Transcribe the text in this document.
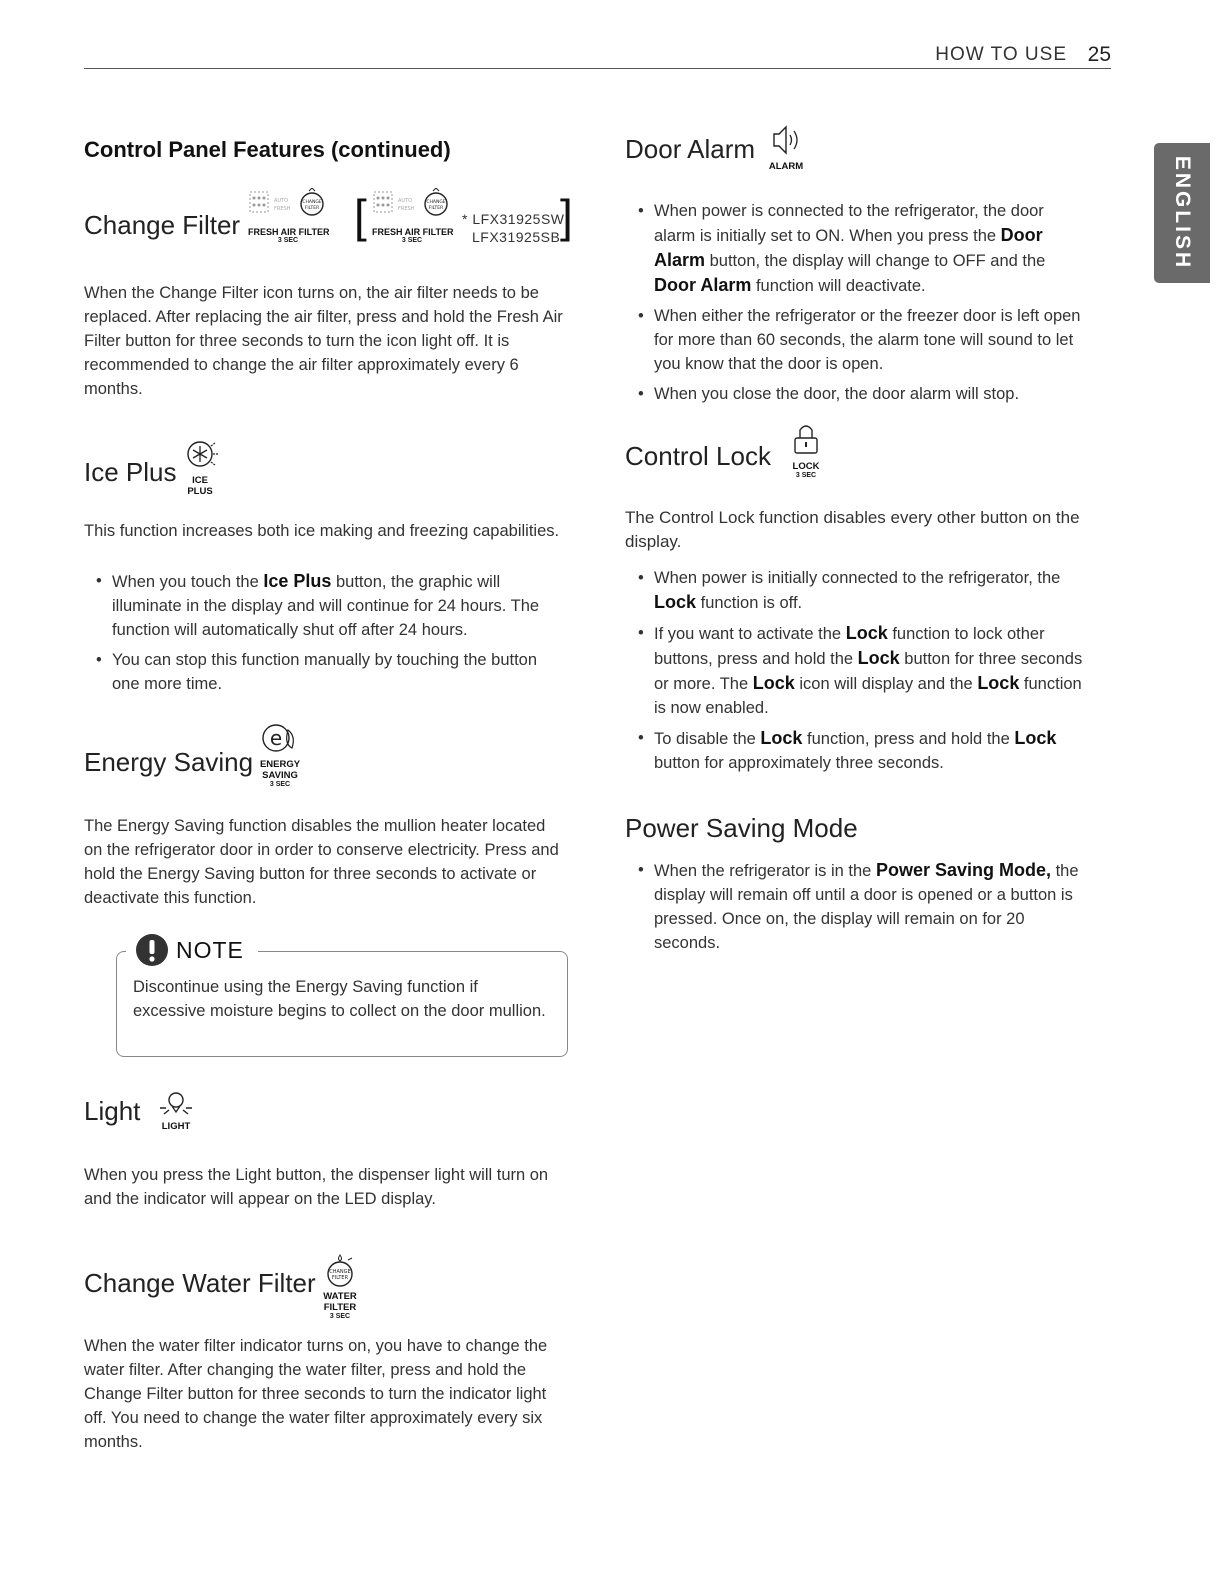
HOW TO USE 25
ENGLISH
Control Panel Features (continued)
Change Filter
AUTO
FRESH
CHANGE
FILTER
FRESH AIR FILTER
3 SEC	[	AUTO
FRESH
CHANGE
FILTER
FRESH AIR FILTER
3 SEC
* LFX31925SW
LFX31925SB ]
When the Change Filter icon turns on, the air filter needs to be replaced. After replacing the air filter, press and hold the Fresh Air Filter button for three seconds to turn the icon light off. It is recommended to change the air filter approximately every 6 months.
Ice Plus	ICE
PLUS
This function increases both ice making and freezing capabilities.
• When you touch the Ice Plus button, the graphic will illuminate in the display and will continue for 24 hours. The function will automatically shut off after 24 hours.
• You can stop this function manually by touching the button one more time.
Energy Saving
e
ENERGY
SAVING
3 SEC
The Energy Saving function disables the mullion heater located on the refrigerator door in order to conserve electricity. Press and hold the Energy Saving button for three seconds to activate or deactivate this function.
NOTE
Discontinue using the Energy Saving function if excessive moisture begins to collect on the door mullion.
Light
LIGHT
When you press the Light button, the dispenser light will turn on and the indicator will appear on the LED display.
Change Water Filter	CHANGE
FILTER
WATER
FILTER
3 SEC
When the water filter indicator turns on, you have to change the water filter. After changing the water filter, press and hold the Change Filter button for three seconds to turn the indicator light off. You need to change the water filter approximately every six months.
Door Alarm
ALARM
• When power is connected to the refrigerator, the door alarm is initially set to ON. When you press the Door Alarm button, the display will change to OFF and the Door Alarm function will deactivate.
• When either the refrigerator or the freezer door is left open for more than 60 seconds, the alarm tone will sound to let you know that the door is open.
• When you close the door, the door alarm will stop.
Control Lock	LOCK
3 SEC
The Control Lock function disables every other button on the display.
• When power is initially connected to the refrigerator, the Lock function is off.
• If you want to activate the Lock function to lock other buttons, press and hold the Lock button for three seconds or more. The Lock icon will display and the Lock function is now enabled.
• To disable the Lock function, press and hold the Lock button for approximately three seconds.
Power Saving Mode
• When the refrigerator is in the Power Saving Mode, the display will remain off until a door is opened or a button is pressed. Once on, the display will remain on for 20 seconds.
